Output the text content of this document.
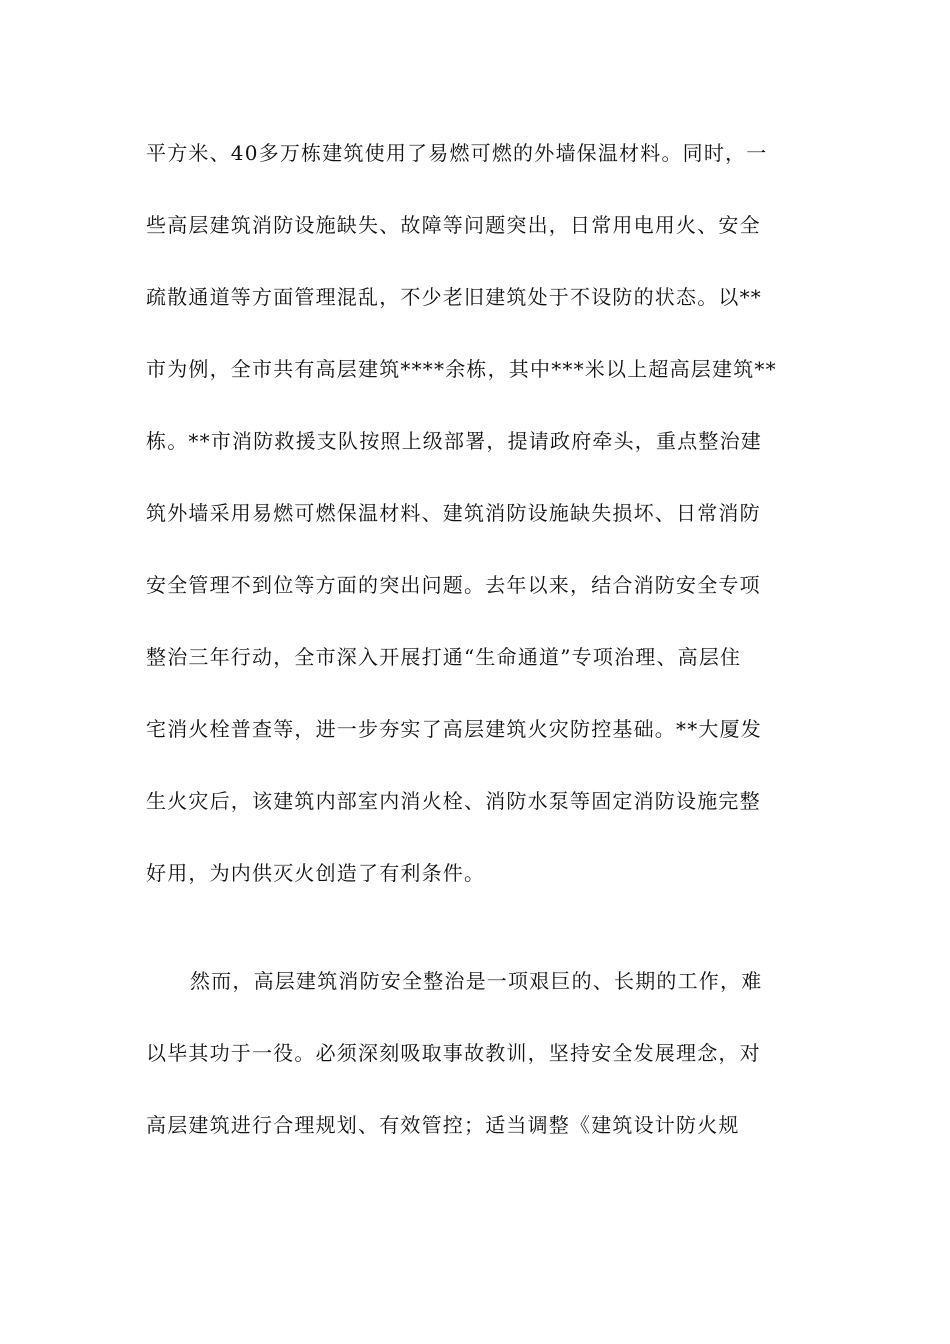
平方米、40多万栋建筑使用了易燃可燃的外墙保温材料。同时，一
些高层建筑消防设施缺失、故障等问题突出，日常用电用火、安全
疏散通道等方面管理混乱，不少老旧建筑处于不设防的状态。以**
市为例，全市共有高层建筑****余栋，其中***米以上超高层建筑**
栋。**市消防救援支队按照上级部署，提请政府牵头，重点整治建
筑外墙采用易燃可燃保温材料、建筑消防设施缺失损坏、日常消防
安全管理不到位等方面的突出问题。去年以来，结合消防安全专项
整治三年行动，全市深入开展打通“生命通道”专项治理、高层住
宅消火栓普查等，进一步夯实了高层建筑火灾防控基础。**大厦发
生火灾后，该建筑内部室内消火栓、消防水泵等固定消防设施完整
好用，为内供灭火创造了有利条件。
然而，高层建筑消防安全整治是一项艰巨的、长期的工作，难
以毕其功于一役。必须深刻吸取事故教训，坚持安全发展理念，对
高层建筑进行合理规划、有效管控；适当调整《建筑设计防火规
